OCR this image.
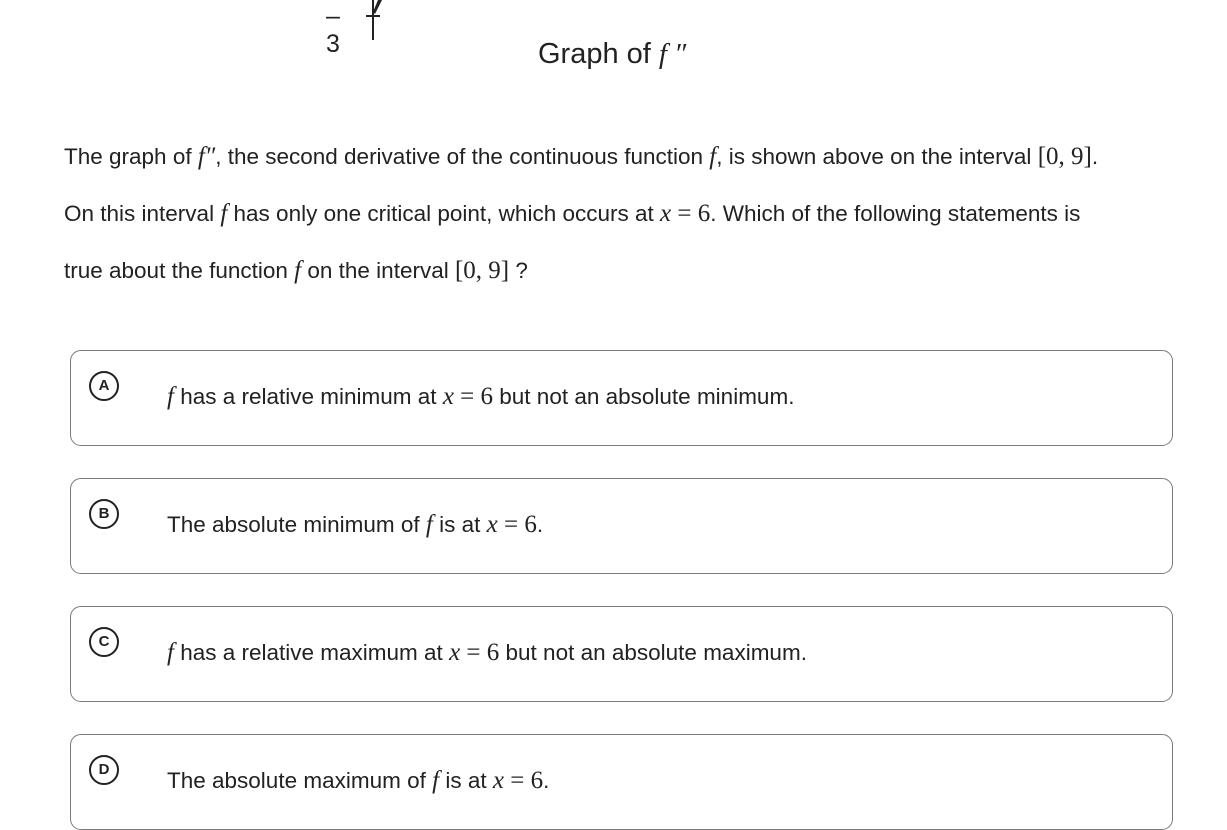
–3	Graph of f ″

The graph of f″, the second derivative of the continuous function f, is shown above on the interval [0, 9].

On this interval f has only one critical point, which occurs at x = 6. Which of the following statements is

true about the function f on the interval [0, 9] ?

A	f has a relative minimum at x = 6 but not an absolute minimum.
B	The absolute minimum of f is at x = 6.
C	f has a relative maximum at x = 6 but not an absolute maximum.
D	The absolute maximum of f is at x = 6.
